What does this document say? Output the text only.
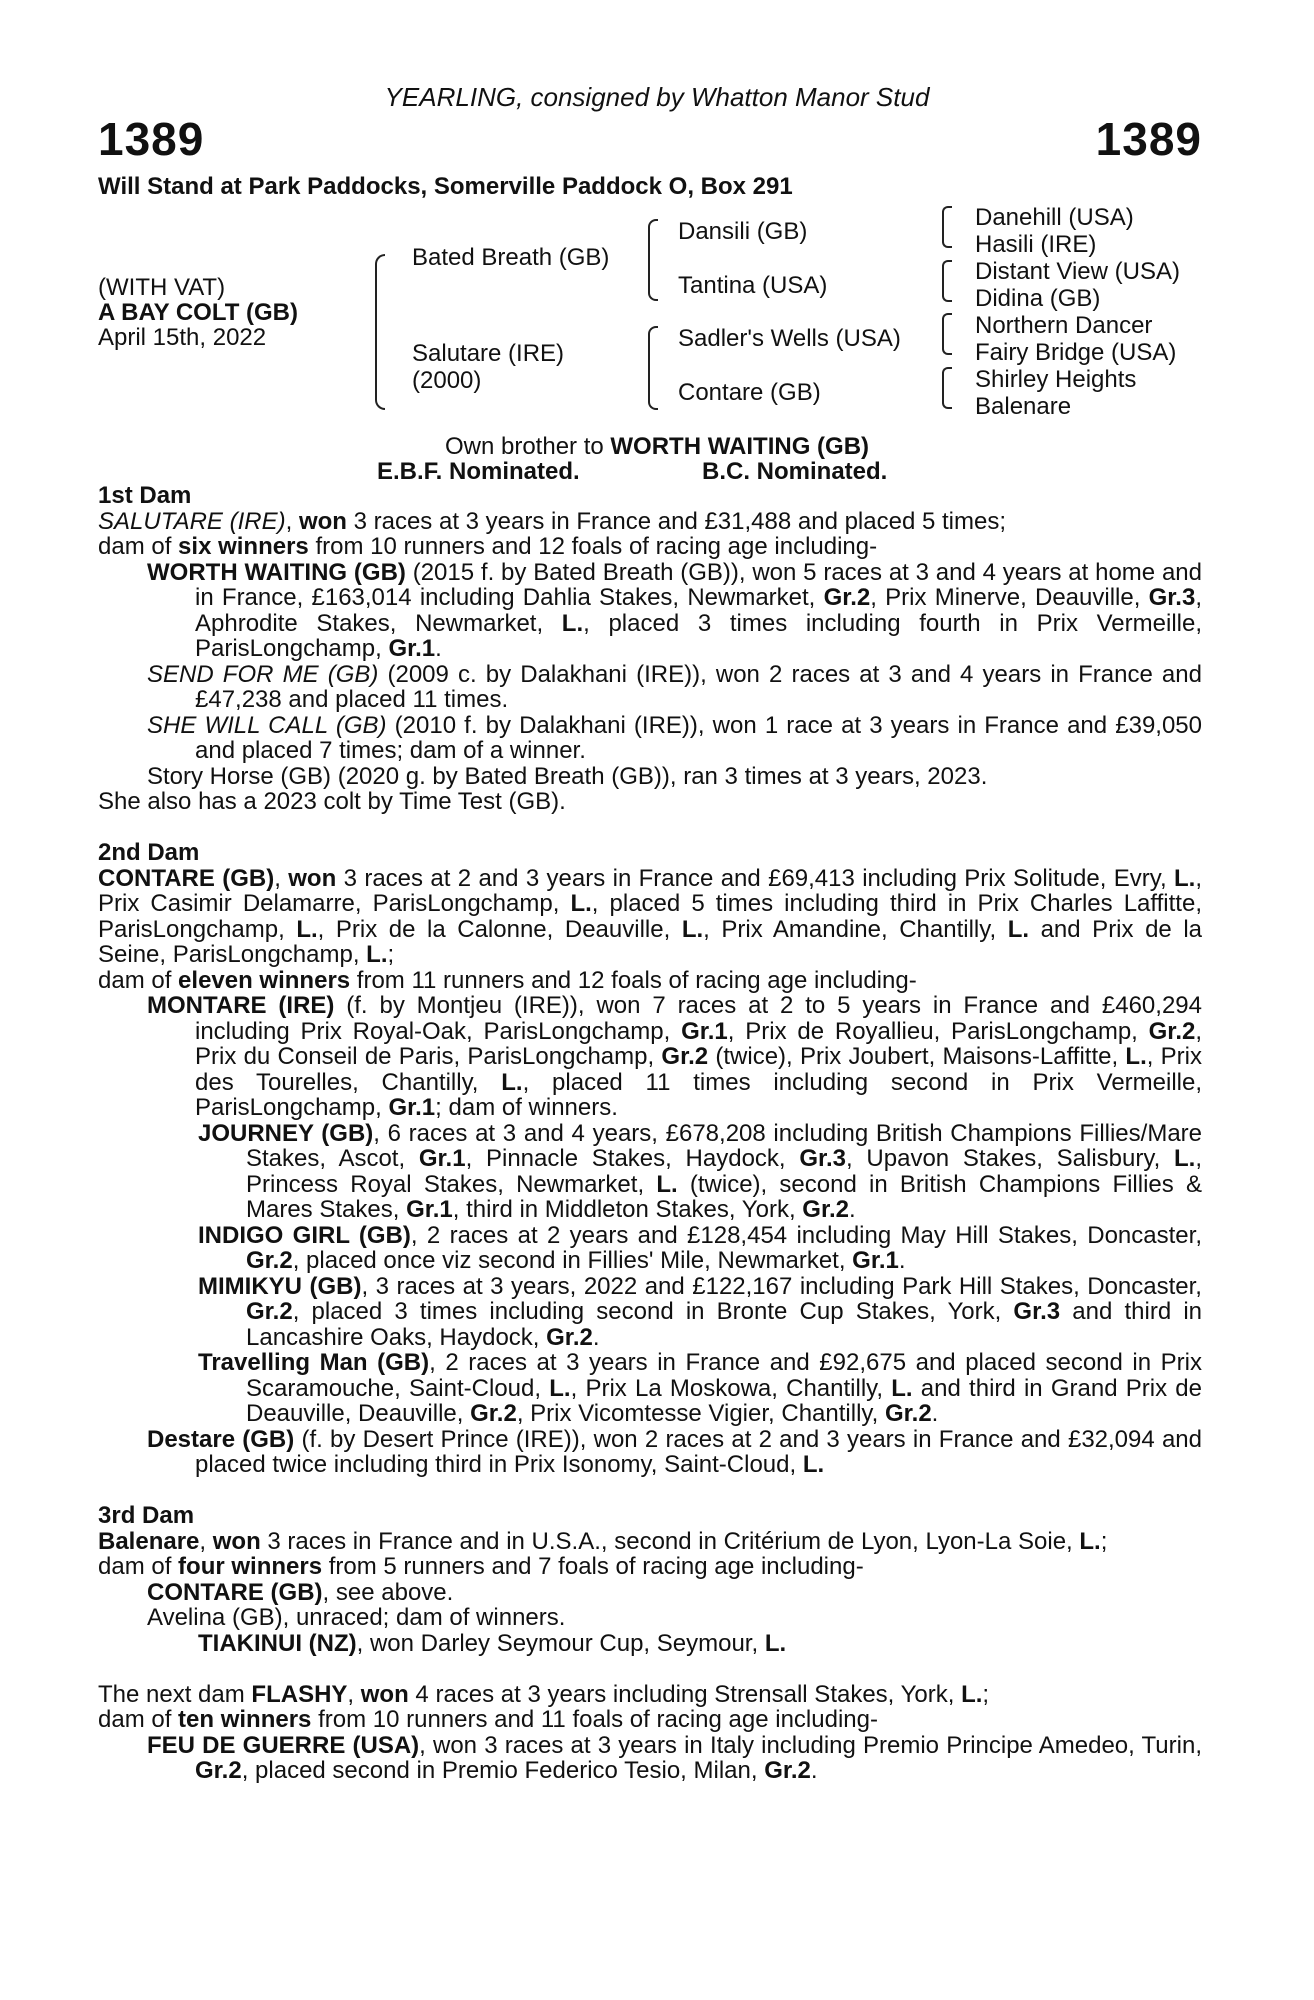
YEARLING, consigned by Whatton Manor Stud
1389	1389
Will Stand at Park Paddocks, Somerville Paddock O, Box 291
(WITH VAT)
A BAY COLT (GB)
April 15th, 2022
Bated Breath (GB)
Salutare (IRE)
(2000)
Dansili (GB)
Tantina (USA)
Sadler's Wells (USA)
Contare (GB)
Danehill (USA)
Hasili (IRE)
Distant View (USA)
Didina (GB)
Northern Dancer
Fairy Bridge (USA)
Shirley Heights
Balenare
Own brother to WORTH WAITING (GB)
E.B.F. Nominated.	B.C. Nominated.

1st Dam

SALUTARE (IRE), won 3 races at 3 years in France and £31,488 and placed 5 times;

dam of six winners from 10 runners and 12 foals of racing age including-

WORTH WAITING (GB) (2015 f. by Bated Breath (GB)), won 5 races at 3 and 4 years at home and in France, £163,014 including Dahlia Stakes, Newmarket, Gr.2, Prix Minerve, Deauville, Gr.3, Aphrodite Stakes, Newmarket, L., placed 3 times including fourth in Prix Vermeille, ParisLongchamp, Gr.1.

SEND FOR ME (GB) (2009 c. by Dalakhani (IRE)), won 2 races at 3 and 4 years in France and £47,238 and placed 11 times.

SHE WILL CALL (GB) (2010 f. by Dalakhani (IRE)), won 1 race at 3 years in France and £39,050 and placed 7 times; dam of a winner.

Story Horse (GB) (2020 g. by Bated Breath (GB)), ran 3 times at 3 years, 2023.

She also has a 2023 colt by Time Test (GB).

2nd Dam

CONTARE (GB), won 3 races at 2 and 3 years in France and £69,413 including Prix Solitude, Evry, L., Prix Casimir Delamarre, ParisLongchamp, L., placed 5 times including third in Prix Charles Laffitte, ParisLongchamp, L., Prix de la Calonne, Deauville, L., Prix Amandine, Chantilly, L. and Prix de la Seine, ParisLongchamp, L.;

dam of eleven winners from 11 runners and 12 foals of racing age including-

MONTARE (IRE) (f. by Montjeu (IRE)), won 7 races at 2 to 5 years in France and £460,294 including Prix Royal-Oak, ParisLongchamp, Gr.1, Prix de Royallieu, ParisLongchamp, Gr.2, Prix du Conseil de Paris, ParisLongchamp, Gr.2 (twice), Prix Joubert, Maisons-Laffitte, L., Prix des Tourelles, Chantilly, L., placed 11 times including second in Prix Vermeille, ParisLongchamp, Gr.1; dam of winners.

JOURNEY (GB), 6 races at 3 and 4 years, £678,208 including British Champions Fillies/Mare Stakes, Ascot, Gr.1, Pinnacle Stakes, Haydock, Gr.3, Upavon Stakes, Salisbury, L., Princess Royal Stakes, Newmarket, L. (twice), second in British Champions Fillies & Mares Stakes, Gr.1, third in Middleton Stakes, York, Gr.2.

INDIGO GIRL (GB), 2 races at 2 years and £128,454 including May Hill Stakes, Doncaster, Gr.2, placed once viz second in Fillies' Mile, Newmarket, Gr.1.

MIMIKYU (GB), 3 races at 3 years, 2022 and £122,167 including Park Hill Stakes, Doncaster, Gr.2, placed 3 times including second in Bronte Cup Stakes, York, Gr.3 and third in Lancashire Oaks, Haydock, Gr.2.

Travelling Man (GB), 2 races at 3 years in France and £92,675 and placed second in Prix Scaramouche, Saint-Cloud, L., Prix La Moskowa, Chantilly, L. and third in Grand Prix de Deauville, Deauville, Gr.2, Prix Vicomtesse Vigier, Chantilly, Gr.2.

Destare (GB) (f. by Desert Prince (IRE)), won 2 races at 2 and 3 years in France and £32,094 and placed twice including third in Prix Isonomy, Saint-Cloud, L.

3rd Dam

Balenare, won 3 races in France and in U.S.A., second in Critérium de Lyon, Lyon-La Soie, L.;

dam of four winners from 5 runners and 7 foals of racing age including-

CONTARE (GB), see above.

Avelina (GB), unraced; dam of winners.

TIAKINUI (NZ), won Darley Seymour Cup, Seymour, L.

The next dam FLASHY, won 4 races at 3 years including Strensall Stakes, York, L.;

dam of ten winners from 10 runners and 11 foals of racing age including-

FEU DE GUERRE (USA), won 3 races at 3 years in Italy including Premio Principe Amedeo, Turin, Gr.2, placed second in Premio Federico Tesio, Milan, Gr.2.
